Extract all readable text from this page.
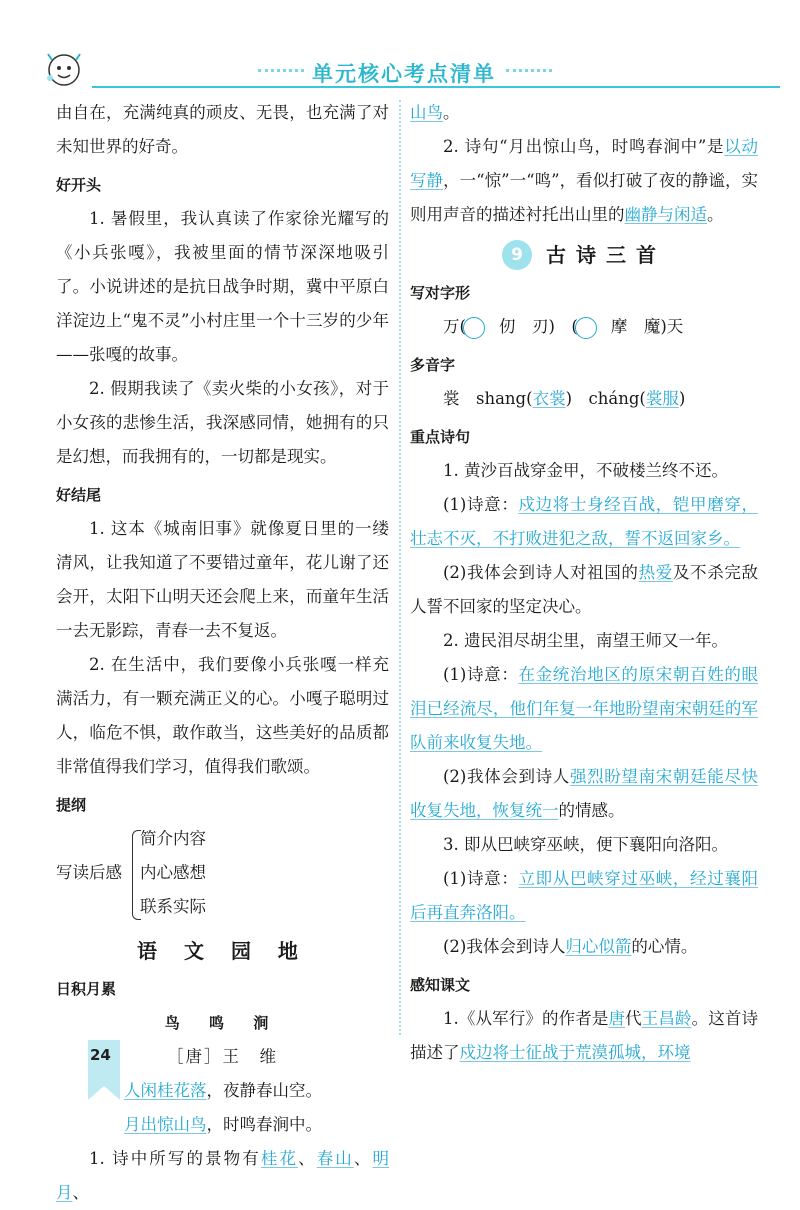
单元核心考点清单

由自在，充满纯真的顽皮、无畏，也充满了对未知世界的好奇。

好开头

1. 暑假里，我认真读了作家徐光耀写的《小兵张嘎》，我被里面的情节深深地吸引了。小说讲述的是抗日战争时期，冀中平原白洋淀边上“鬼不灵”小村庄里一个十三岁的少年——张嘎的故事。

2. 假期我读了《卖火柴的小女孩》，对于小女孩的悲惨生活，我深感同情，她拥有的只是幻想，而我拥有的，一切都是现实。

好结尾

1. 这本《城南旧事》就像夏日里的一缕清风，让我知道了不要错过童年，花儿谢了还会开，太阳下山明天还会爬上来，而童年生活一去无影踪，青春一去不复返。

2. 在生活中，我们要像小兵张嘎一样充满活力，有一颗充满正义的心。小嘎子聪明过人，临危不惧，敢作敢当，这些美好的品质都非常值得我们学习，值得我们歌颂。

提纲
写读后感
简介内容
内心感想
联系实际
语 文 园 地
日积月累
鸟 鸣 涧
［唐］王　维
人闲桂花落，夜静春山空。
月出惊山鸟，时鸣春涧中。

1. 诗中所写的景物有桂花、春山、明月、

山鸟。

2. 诗句“月出惊山鸟，时鸣春涧中”是以动写静，一“惊”一“鸣”，看似打破了夜的静谧，实则用声音的描述衬托出山里的幽静与闲适。

9	古诗三首
写对字形

万( 仞　刃)　( 摩　魔)天

多音字

裳　 shang(衣裳)　cháng(裳服)

重点诗句

1. 黄沙百战穿金甲，不破楼兰终不还。

(1)诗意：戍边将士身经百战，铠甲磨穿，壮志不灭，不打败进犯之敌，誓不返回家乡。

(2)我体会到诗人对祖国的热爱及不杀完敌人誓不回家的坚定决心。

2. 遗民泪尽胡尘里，南望王师又一年。

(1)诗意：在金统治地区的原宋朝百姓的眼泪已经流尽，他们年复一年地盼望南宋朝廷的军队前来收复失地。

(2)我体会到诗人强烈盼望南宋朝廷能尽快收复失地，恢复统一的情感。

3. 即从巴峡穿巫峡，便下襄阳向洛阳。

(1)诗意：立即从巴峡穿过巫峡，经过襄阳后再直奔洛阳。

(2)我体会到诗人归心似箭的心情。

感知课文

1.《从军行》的作者是唐代王昌龄。这首诗描述了戍边将士征战于荒漠孤城，环境

24
